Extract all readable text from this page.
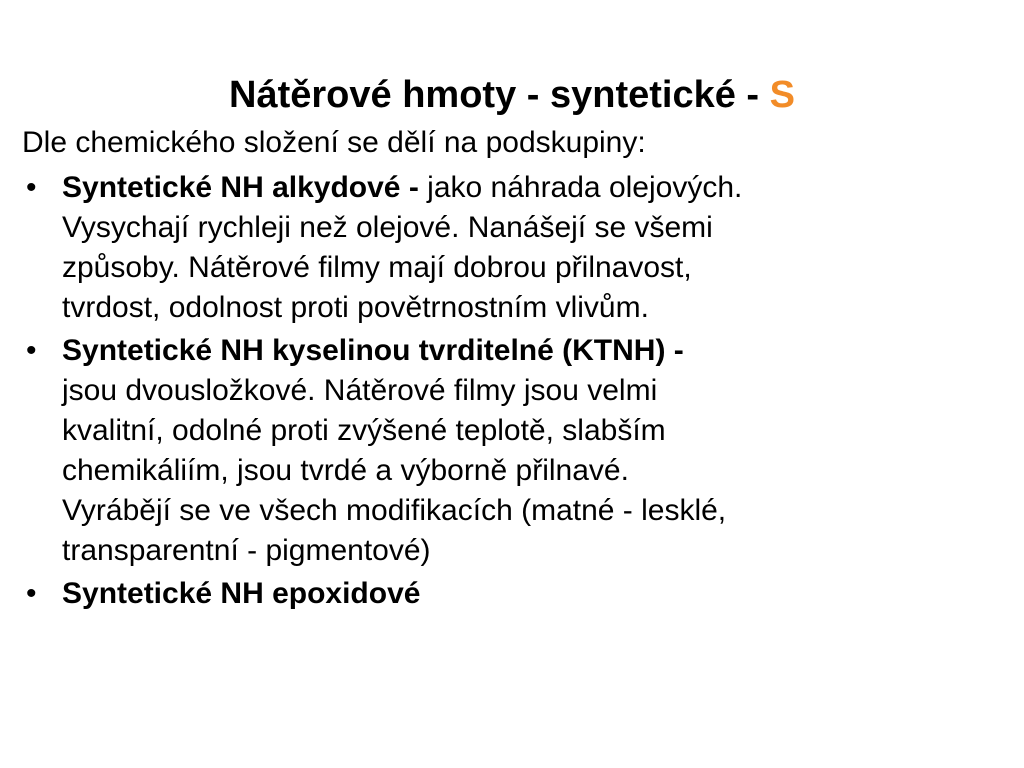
Nátěrové hmoty - syntetické - S

Dle chemického složení se dělí na podskupiny:

• Syntetické NH alkydové - jako náhrada olejových.
Vysychají rychleji než olejové. Nanášejí se všemi
způsoby. Nátěrové filmy mají dobrou přilnavost,
tvrdost, odolnost proti povětrnostním vlivům.
• Syntetické NH kyselinou tvrditelné (KTNH) -
jsou dvousložkové. Nátěrové filmy jsou velmi
kvalitní, odolné proti zvýšené teplotě, slabším
chemikáliím, jsou tvrdé a výborně přilnavé.
Vyrábějí se ve všech modifikacích (matné - lesklé,
transparentní - pigmentové)
• Syntetické NH epoxidové
